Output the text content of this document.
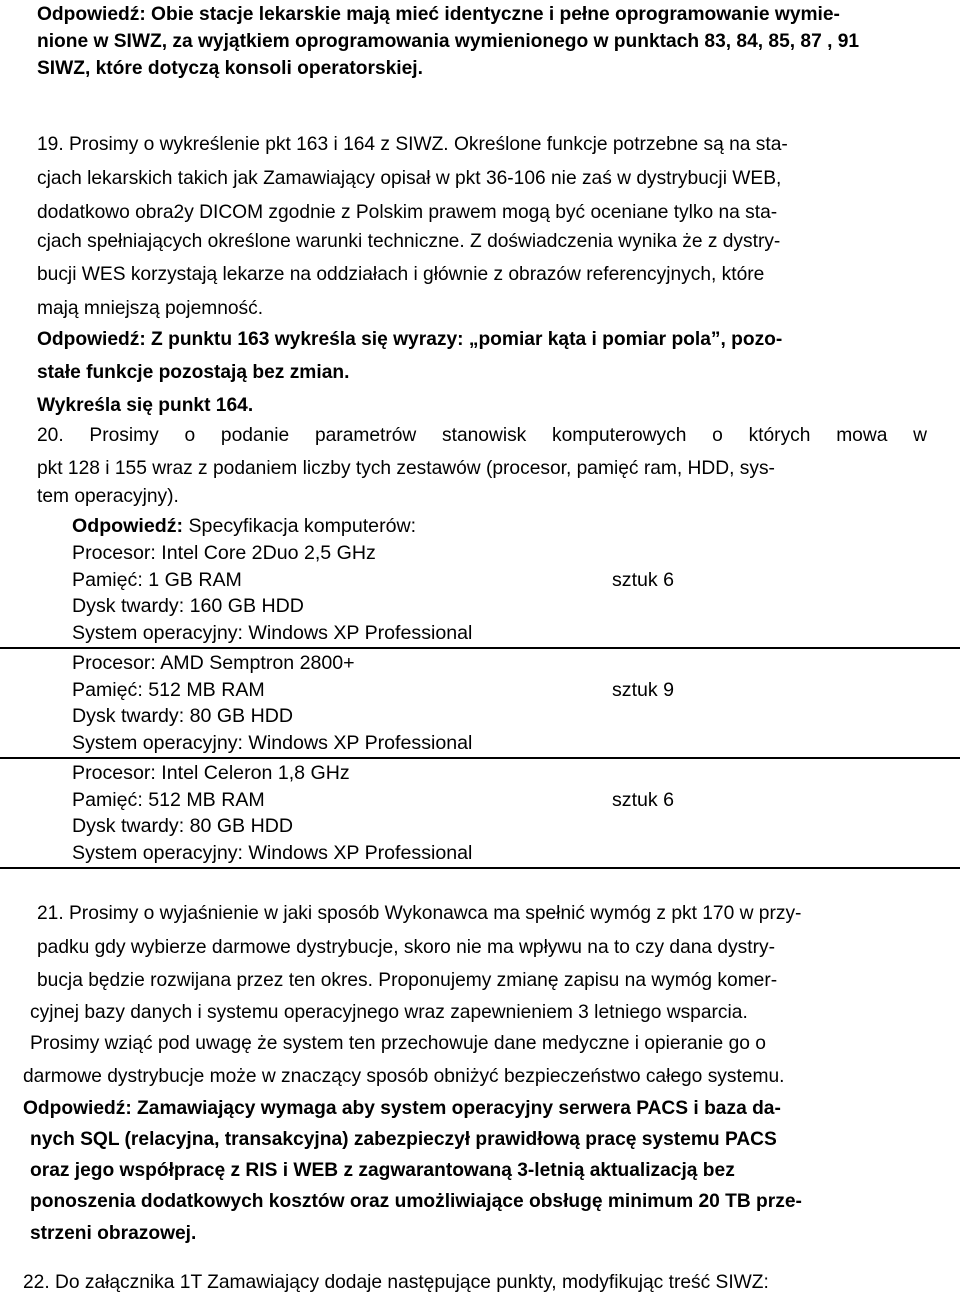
Odpowiedź: Obie stacje lekarskie mają mieć identyczne i pełne oprogramowanie wymie-
nione w SIWZ, za wyjątkiem oprogramowania wymienionego w punktach 83, 84, 85, 87 , 91
SIWZ, które dotyczą konsoli operatorskiej.
19. Prosimy o wykreślenie pkt 163 i 164 z SIWZ. Określone funkcje potrzebne są na sta-
cjach lekarskich takich jak Zamawiający opisał w pkt 36-106 nie zaś w dystrybucji WEB,
dodatkowo obra2y DICOM zgodnie z Polskim prawem mogą być oceniane tylko na sta-
cjach spełniających określone warunki techniczne. Z doświadczenia wynika że z dystry-
bucji WES korzystają lekarze na oddziałach i głównie z obrazów referencyjnych, które
mają mniejszą pojemność.
Odpowiedź: Z punktu 163 wykreśla się wyrazy: „pomiar kąta i pomiar pola”, pozo-
stałe funkcje pozostają bez zmian.
Wykreśla się punkt 164.
20. Prosimy o podanie parametrów stanowisk komputerowych o których mowa w
pkt 128 i 155 wraz z podaniem liczby tych zestawów (procesor, pamięć ram, HDD, sys-
tem operacyjny).
Odpowiedź: Specyfikacja komputerów:
Procesor: Intel Core 2Duo 2,5 GHz
Pamięć: 1 GB RAM	sztuk 6
Dysk twardy: 160 GB HDD
System operacyjny: Windows XP Professional
Procesor: AMD Semptron 2800+
Pamięć: 512 MB RAM	sztuk 9
Dysk twardy: 80 GB HDD
System operacyjny: Windows XP Professional
Procesor: Intel Celeron 1,8 GHz
Pamięć: 512 MB RAM	sztuk 6
Dysk twardy: 80 GB HDD
System operacyjny: Windows XP Professional
21. Prosimy o wyjaśnienie w jaki sposób Wykonawca ma spełnić wymóg z pkt 170 w przy-
padku gdy wybierze darmowe dystrybucje, skoro nie ma wpływu na to czy dana dystry-
bucja będzie rozwijana przez ten okres. Proponujemy zmianę zapisu na wymóg komer-
cyjnej bazy danych i systemu operacyjnego wraz zapewnieniem 3 letniego wsparcia.
Prosimy wziąć pod uwagę że system ten przechowuje dane medyczne i opieranie go o
darmowe dystrybucje może w znaczący sposób obniżyć bezpieczeństwo całego systemu.
Odpowiedź: Zamawiający wymaga aby system operacyjny serwera PACS i baza da-
nych SQL (relacyjna, transakcyjna) zabezpieczył prawidłową pracę systemu PACS
oraz jego współpracę z RIS i WEB z zagwarantowaną 3-letnią aktualizacją bez
ponoszenia dodatkowych kosztów oraz umożliwiające obsługę minimum 20 TB prze-
strzeni obrazowej.
22. Do załącznika 1T Zamawiający dodaje następujące punkty, modyfikując treść SIWZ:
